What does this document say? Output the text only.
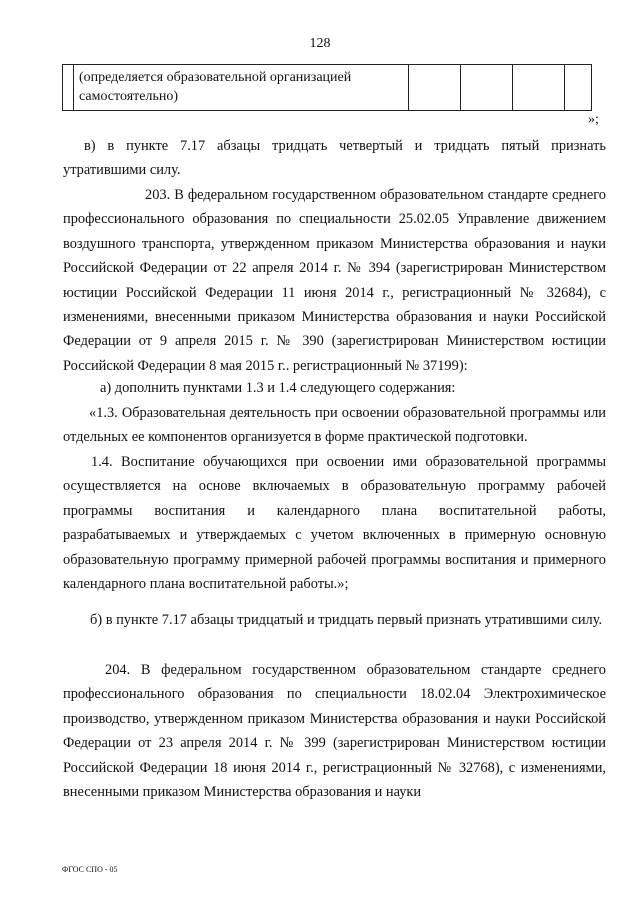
128
(определяется образовательной организацией самостоятельно)
»;

в) в пункте 7.17 абзацы тридцать четвертый и тридцать пятый признать утратившими силу.

203. В федеральном государственном образовательном стандарте среднего профессионального образования по специальности 25.02.05 Управление движением воздушного транспорта, утвержденном приказом Министерства образования и науки Российской Федерации от 22 апреля 2014 г. № 394 (зарегистрирован Министерством юстиции Российской Федерации 11 июня 2014 г., регистрационный № 32684), с изменениями, внесенными приказом Министерства образования и науки Российской Федерации от 9 апреля 2015 г. № 390 (зарегистрирован Министерством юстиции Российской Федерации 8 мая 2015 г.. регистрационный № 37199):

а) дополнить пунктами 1.3 и 1.4 следующего содержания:

«1.3. Образовательная деятельность при освоении образовательной программы или отдельных ее компонентов организуется в форме практической подготовки.

1.4. Воспитание обучающихся при освоении ими образовательной программы осуществляется на основе включаемых в образовательную программу рабочей программы воспитания и календарного плана воспитательной работы, разрабатываемых и утверждаемых с учетом включенных в примерную основную образовательную программу примерной рабочей программы воспитания и примерного календарного плана воспитательной работы.»;

б) в пункте 7.17 абзацы тридцатый и тридцать первый признать утратившими силу.

204. В федеральном государственном образовательном стандарте среднего профессионального образования по специальности 18.02.04 Электрохимическое производство, утвержденном приказом Министерства образования и науки Российской Федерации от 23 апреля 2014 г. № 399 (зарегистрирован Министерством юстиции Российской Федерации 18 июня 2014 г., регистрационный № 32768), с изменениями, внесенными приказом Министерства образования и науки

ФГОС СПО - 05
